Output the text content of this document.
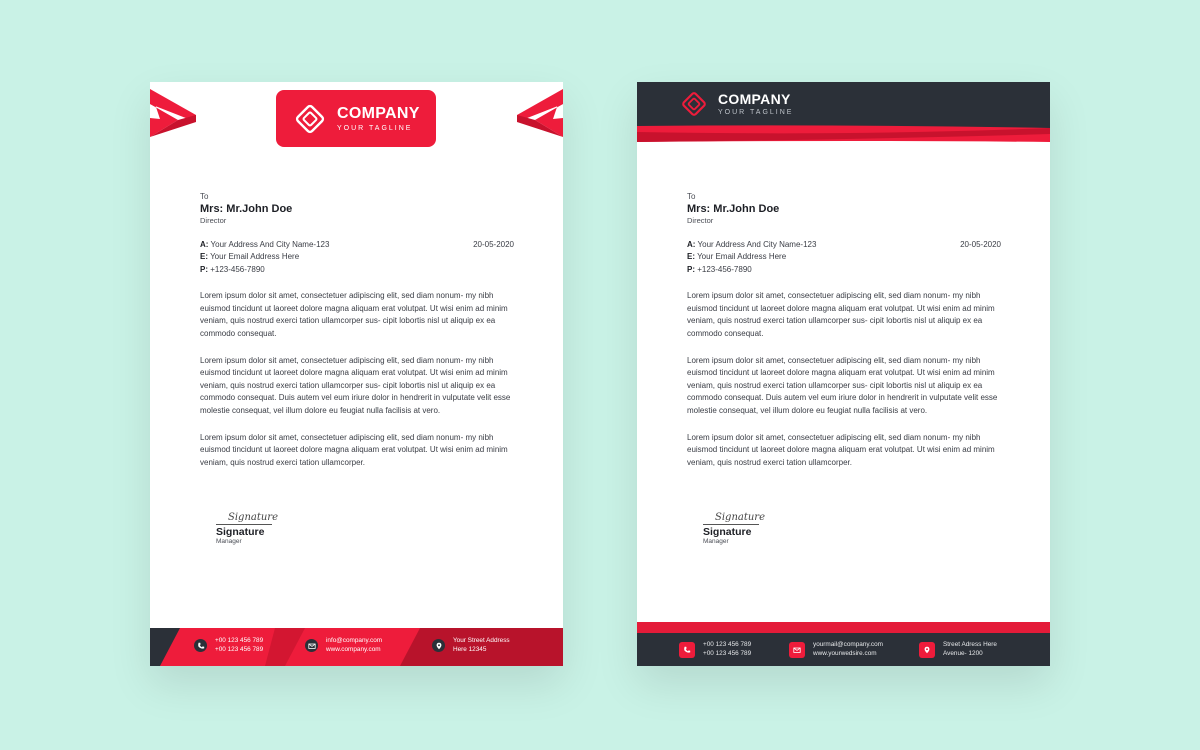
COMPANY
YOUR TAGLINE
To
Mrs: Mr.John Doe
Director
20-05-2020
A: Your Address And City Name-123
E: Your Email Address Here
P: +123-456-7890

Lorem ipsum dolor sit amet, consectetuer adipiscing elit, sed diam nonum- my nibh euismod tincidunt ut laoreet dolore magna aliquam erat volutpat. Ut wisi enim ad minim veniam, quis nostrud exerci tation ullamcorper sus- cipit lobortis nisl ut aliquip ex ea commodo consequat.

Lorem ipsum dolor sit amet, consectetuer adipiscing elit, sed diam nonum- my nibh euismod tincidunt ut laoreet dolore magna aliquam erat volutpat. Ut wisi enim ad minim veniam, quis nostrud exerci tation ullamcorper sus- cipit lobortis nisl ut aliquip ex ea commodo consequat. Duis autem vel eum iriure dolor in hendrerit in vulputate velit esse molestie consequat, vel illum dolore eu feugiat nulla facilisis at vero.

Lorem ipsum dolor sit amet, consectetuer adipiscing elit, sed diam nonum- my nibh euismod tincidunt ut laoreet dolore magna aliquam erat volutpat. Ut wisi enim ad minim veniam, quis nostrud exerci tation ullamcorper.

Signature
Signature
Manager
+00 123 456 789
+00 123 456 789
info@company.com
www.company.com
Your Street Address
Here 12345
COMPANY
YOUR TAGLINE
To
Mrs: Mr.John Doe
Director
20-05-2020
A: Your Address And City Name-123
E: Your Email Address Here
P: +123-456-7890

Lorem ipsum dolor sit amet, consectetuer adipiscing elit, sed diam nonum- my nibh euismod tincidunt ut laoreet dolore magna aliquam erat volutpat. Ut wisi enim ad minim veniam, quis nostrud exerci tation ullamcorper sus- cipit lobortis nisl ut aliquip ex ea commodo consequat.

Lorem ipsum dolor sit amet, consectetuer adipiscing elit, sed diam nonum- my nibh euismod tincidunt ut laoreet dolore magna aliquam erat volutpat. Ut wisi enim ad minim veniam, quis nostrud exerci tation ullamcorper sus- cipit lobortis nisl ut aliquip ex ea commodo consequat. Duis autem vel eum iriure dolor in hendrerit in vulputate velit esse molestie consequat, vel illum dolore eu feugiat nulla facilisis at vero.

Lorem ipsum dolor sit amet, consectetuer adipiscing elit, sed diam nonum- my nibh euismod tincidunt ut laoreet dolore magna aliquam erat volutpat. Ut wisi enim ad minim veniam, quis nostrud exerci tation ullamcorper.

Signature
Signature
Manager
+00 123 456 789
+00 123 456 789
yourmail@company.com
www.yourwedsire.com
Street Adress Here
Avenue- 1200
